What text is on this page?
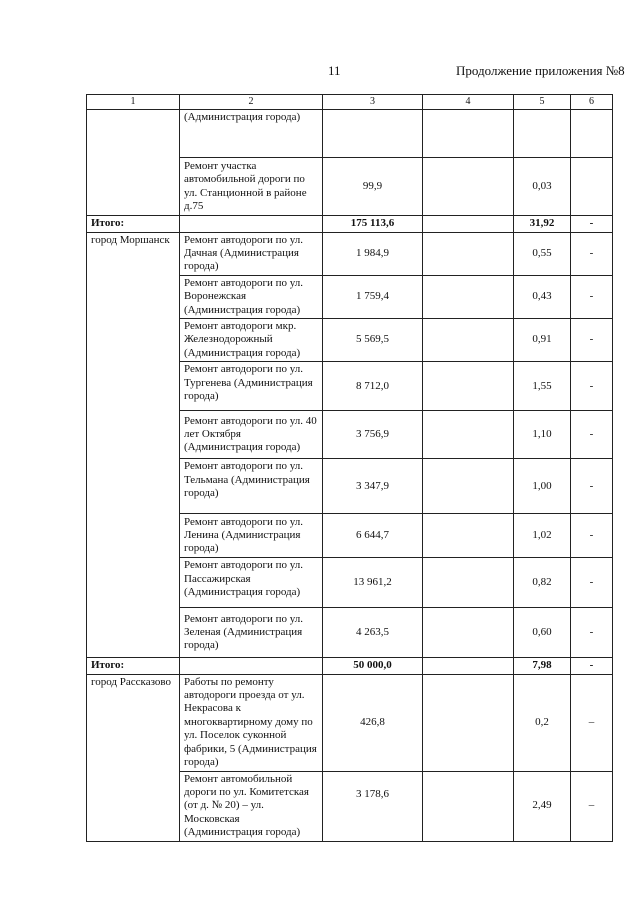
11	Продолжение приложения №8
1	2	3	4	5	6
	(Администрация города)				
	Ремонт участка автомобильной дороги по ул. Станционной в районе д.75	99,9		0,03	
Итого:		175 113,6		31,92	-
город Моршанск	Ремонт автодороги по ул. Дачная (Администрация города)	1 984,9		0,55	-
	Ремонт автодороги по ул. Воронежская (Администрация города)	1 759,4		0,43	-
	Ремонт автодороги мкр. Железнодорожный (Администрация города)	5 569,5		0,91	-
	Ремонт автодороги по ул. Тургенева (Администрация города)	8 712,0		1,55	-
	Ремонт автодороги по ул. 40 лет Октября (Администрация города)	3 756,9		1,10	-
	Ремонт автодороги по ул. Тельмана (Администрация города)	3 347,9		1,00	-
	Ремонт автодороги по ул. Ленина (Администрация города)	6 644,7		1,02	-
	Ремонт автодороги по ул. Пассажирская (Администрация города)	13 961,2		0,82	-
	Ремонт автодороги по ул. Зеленая (Администрация города)	4 263,5		0,60	-
Итого:		50 000,0		7,98	-
город Рассказово	Работы по ремонту автодороги проезда от ул. Некрасова к многоквартирному дому по ул. Поселок суконной фабрики, 5 (Администрация города)	426,8		0,2	–
	Ремонт автомобильной дороги по ул. Комитетская (от д. № 20) – ул. Московская (Администрация города)	3 178,6		2,49	–
